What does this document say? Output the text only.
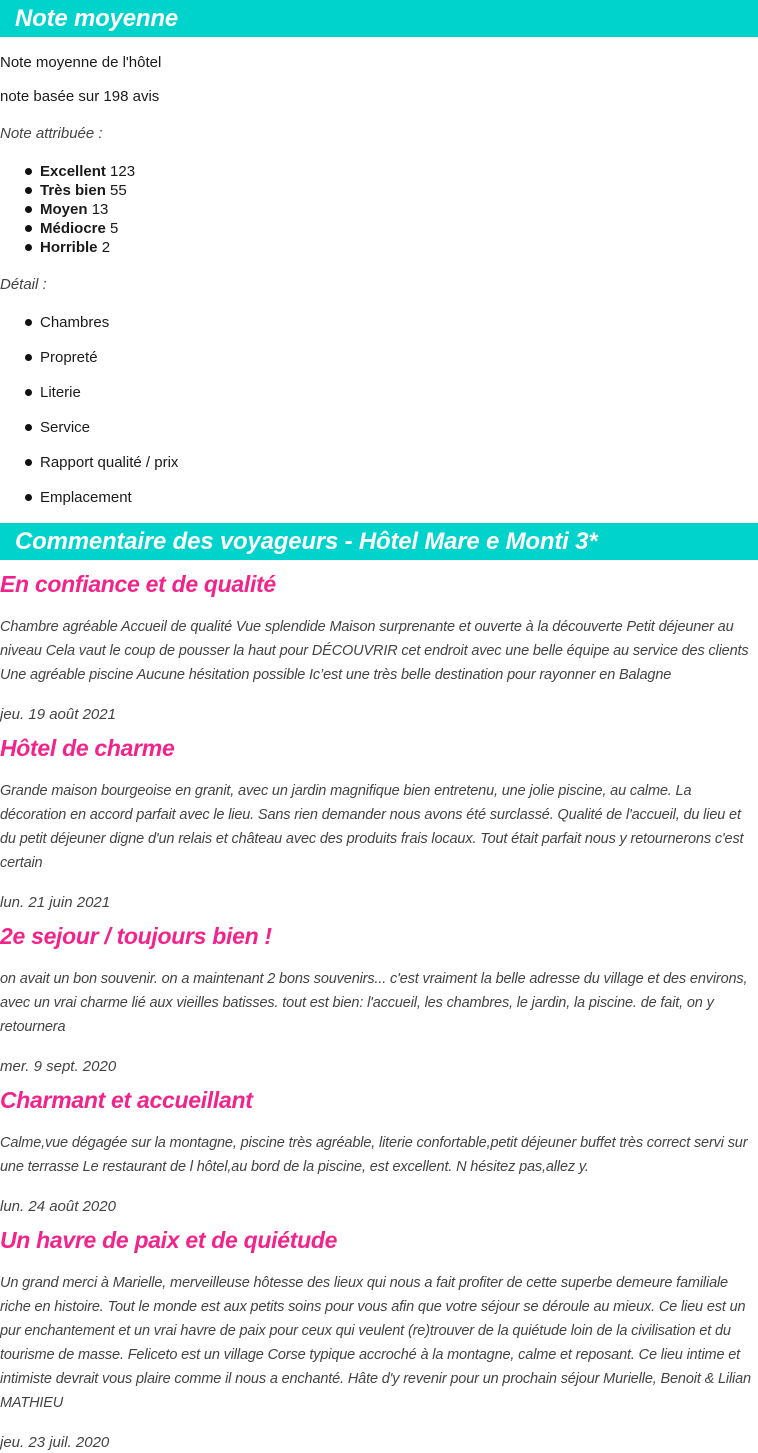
Note moyenne

Note moyenne de l'hôtel

note basée sur 198 avis

Note attribuée :

Excellent 123
Très bien 55
Moyen 13
Médiocre 5
Horrible 2

Détail :

Chambres
Propreté
Literie
Service
Rapport qualité / prix
Emplacement
Commentaire des voyageurs - Hôtel Mare e Monti 3*
En confiance et de qualité

Chambre agréable Accueil de qualité Vue splendide Maison surprenante et ouverte à la découverte Petit déjeuner au niveau Cela vaut le coup de pousser la haut pour DÉCOUVRIR cet endroit avec une belle équipe au service des clients Une agréable piscine Aucune hésitation possible Ic’est une très belle destination pour rayonner en Balagne

jeu. 19 août 2021

Hôtel de charme

Grande maison bourgeoise en granit, avec un jardin magnifique bien entretenu, une jolie piscine, au calme. La décoration en accord parfait avec le lieu. Sans rien demander nous avons été surclassé. Qualité de l'accueil, du lieu et du petit déjeuner digne d'un relais et château avec des produits frais locaux. Tout était parfait nous y retournerons c'est certain

lun. 21 juin 2021

2e sejour / toujours bien !

on avait un bon souvenir. on a maintenant 2 bons souvenirs... c'est vraiment la belle adresse du village et des environs, avec un vrai charme lié aux vieilles batisses. tout est bien: l'accueil, les chambres, le jardin, la piscine. de fait, on y retournera

mer. 9 sept. 2020

Charmant et accueillant

Calme,vue dégagée sur la montagne, piscine très agréable, literie confortable,petit déjeuner buffet très correct servi sur une terrasse Le restaurant de l hôtel,au bord de la piscine, est excellent. N hésitez pas,allez y.

lun. 24 août 2020

Un havre de paix et de quiétude

Un grand merci à Marielle, merveilleuse hôtesse des lieux qui nous a fait profiter de cette superbe demeure familiale riche en histoire. Tout le monde est aux petits soins pour vous afin que votre séjour se déroule au mieux. Ce lieu est un pur enchantement et un vrai havre de paix pour ceux qui veulent (re)trouver de la quiétude loin de la civilisation et du tourisme de masse. Feliceto est un village Corse typique accroché à la montagne, calme et reposant. Ce lieu intime et intimiste devrait vous plaire comme il nous a enchanté. Hâte d'y revenir pour un prochain séjour Murielle, Benoit & Lilian MATHIEU

jeu. 23 juil. 2020
